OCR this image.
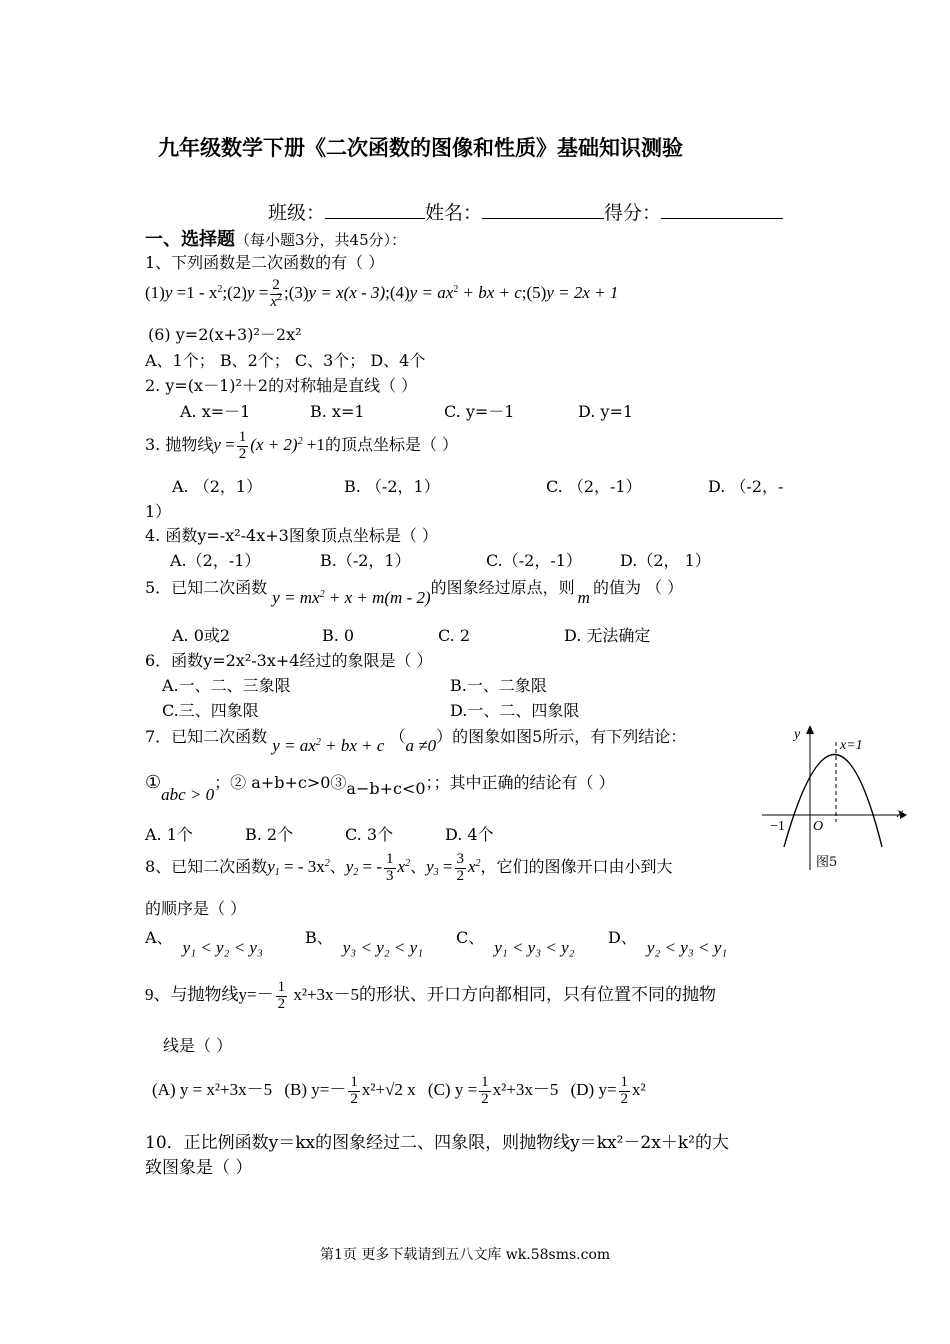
九年级数学下册《二次函数的图像和性质》基础知识测验
班级：	姓名：	得分：
一、选择题（每小题3分，共45分）：
1、下列函数是二次函数的有（ ）
$(1)y =1 - x^2;(2)y = \frac{2}{x^2}$ ;(3)y = x(x - 3);(4)y = $ax^2$ + bx + c;(5)y = 2x + 1
(6) y=2(x+3)²－2x²
A、1个； B、2个； C、3个； D、4个
2. y=(x－1)²＋2的对称轴是直线（ ）
A. x=－1	B. x=1	C. y=－1	D. y=1
3. 抛物线$y = \frac{1}{2} (x + 2)^2 +1$的顶点坐标是（ ）
A. （2，1）	B. （-2，1）	C. （2，-1）	D. （-2，-
1）
4. 函数y=-x²-4x+3图象顶点坐标是（ ）
A.（2，-1）	B.（-2，1）	C.（-2，-1） D.（2， 1）
5．已知二次函数 $y = mx^2 + x + m(m - 2)$的图象经过原点，则m的值为 （ ）
A. 0或2	B. 0	C. 2	D. 无法确定
6．函数y=2x²-3x+4经过的象限是（ ）
A.一、二、三象限	B.一、二象限
C.三、四象限	D.一、二、四象限
7．已知二次函数 $y = ax^2$ + bx + c （a ≠0）的图象如图5所示，有下列结论：
①abc > 0；② a+b+c>0③a−b+c<0；；其中正确的结论有（ ）
A. 1个	B. 2个	C. 3个	D. 4个
y
x
x=1
−1 O
图5
8、已知二次函数$y_1$ = - $3x^2$、$y_2$ = - $\frac{1}{3} x^2$、$y_3 = \frac{3}{2} x^2$，它们的图像开口由小到大
的顺序是（ ）
A、y₁ < y₂ < y₃
B、y₃ < y₂ < y₁
C、y₁ < y₃ < y₂
D、y₂ < y₃ < y₁
9、与抛物线$y=- \frac{1}{2} x^2+3x-5$的形状、开口方向都相同，只有位置不同的抛物
线是（ ）
(A) y = x²+3x－5 (B) $y=- \frac{1}{2} x^2+√2$ x (C) $y = \frac{1}{2} x^2+3x-5$ (D) $y= \frac{1}{2} x^2$
10．正比例函数y＝kx的图象经过二、四象限，则抛物线y＝kx²－2x＋k²的大
致图象是（ ）
第1页 更多下载请到五八文库 wk.58sms.com
